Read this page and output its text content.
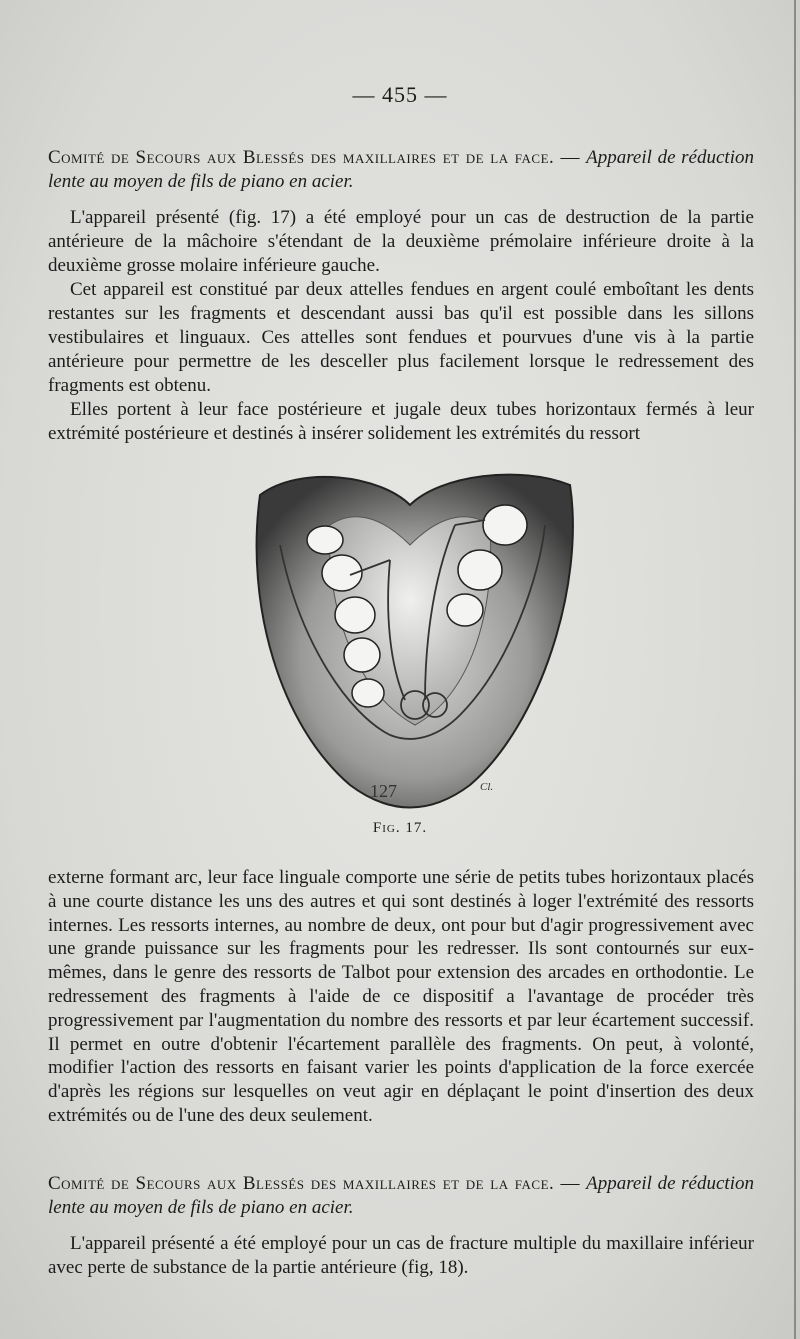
— 455 —

Comité de Secours aux Blessés des maxillaires et de la face. — Appareil de réduction lente au moyen de fils de piano en acier.

L'appareil présenté (fig. 17) a été employé pour un cas de destruction de la partie antérieure de la mâchoire s'étendant de la deuxième prémolaire inférieure droite à la deuxième grosse molaire inférieure gauche.

Cet appareil est constitué par deux attelles fendues en argent coulé emboîtant les dents restantes sur les fragments et descendant aussi bas qu'il est possible dans les sillons vestibulaires et linguaux. Ces attelles sont fendues et pourvues d'une vis à la partie antérieure pour permettre de les desceller plus facilement lorsque le redressement des fragments est obtenu.

Elles portent à leur face postérieure et jugale deux tubes horizontaux fermés à leur extrémité postérieure et destinés à insérer solidement les extrémités du ressort

127	Cl.
Fig. 17.

externe formant arc, leur face linguale comporte une série de petits tubes horizontaux placés à une courte distance les uns des autres et qui sont destinés à loger l'extrémité des ressorts internes. Les ressorts internes, au nombre de deux, ont pour but d'agir progressivement avec une grande puissance sur les fragments pour les redresser. Ils sont contournés sur eux-mêmes, dans le genre des ressorts de Talbot pour extension des arcades en orthodontie. Le redressement des fragments à l'aide de ce dispositif a l'avantage de procéder très progressivement par l'augmentation du nombre des ressorts et par leur écartement successif. Il permet en outre d'obtenir l'écartement parallèle des fragments. On peut, à volonté, modifier l'action des ressorts en faisant varier les points d'application de la force exercée d'après les régions sur lesquelles on veut agir en déplaçant le point d'insertion des deux extrémités ou de l'une des deux seulement.

Comité de Secours aux Blessés des maxillaires et de la face. — Appareil de réduction lente au moyen de fils de piano en acier.

L'appareil présenté a été employé pour un cas de fracture multiple du maxillaire inférieur avec perte de substance de la partie antérieure (fig, 18).
